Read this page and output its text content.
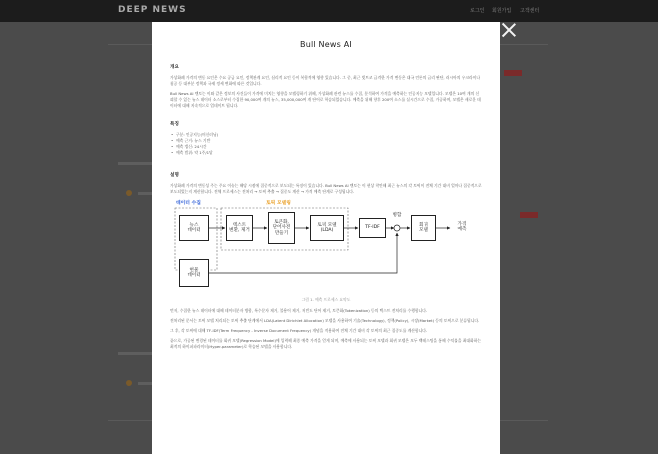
DEEP NEWS	로그인 회원가입 고객센터
Bull News AI
개요

가상화폐 가격의 변동 요인은 수요 공급 요인, 정책관계 요인, 심리적 요인 등이 복합적에 영향 있습니다. 그 중, 최근 빗트코 급격한 가격 변동은 대국 언론의 급리 판단, 러시아의 우크라이나 침공 등 대부분 정책과 국제 정세 변화에 따른 것입니다.

Bull News AI 엔토는 이와 같은 정보의 사건들이 가격에 미치는 영향을 모델링하기 위해, 가상화폐 관련 뉴스를 수집, 분석하여 가격을 예측하는 인공지능 모델입니다. 모델은 10여 개의 신뢰할 수 있는 뉴스 데이터 소스로부터 수집한 90,000여 개의 뉴스, 35,000,000여 개 단어로 학습되었습니다. 예측을 위해 향후 200여 소스를 실시간으로 수집, 가공하며, 모델은 새로운 데이터에 대해 지속적으로 업데이트 됩니다.

특징
• 구분: 인공지능(머신러닝)
• 예측 근거: 뉴스 기반
• 예측 갱신: 24시간
• 예측 범위: 약 1주/1달
설명

가상화폐 가격의 변동성 주는 주요 이슈는 해당 시점에 집중적으로 보도되는 특징이 있습니다. Bull News AI 엔토는 이 현상 착안해 최근 뉴스의 각 토픽이 전체 기간 대비 얼마나 집중적으로 보도되었는지 계산합니다. 전체 프로세스는 전처리 → 토픽 추출 → 집중도 계산 → 가격 예측 단계로 구성됩니다.

데이터 수집	토픽 모델링
뉴스
데이터
텍스트
변환, 제거
토큰화,
단어사전
만들기
토픽 모델
(LDA)
TF-IDF
병합
회귀
모델
가격
예측
현물
데이터
그림 1. 예측 프로세스 요약도

먼저, 수집한 뉴스 데이터에 대해 데이터분자 병합, 특수문자 제거, 불용어 제거, 저빈도 단어 제거, 토큰화(Tokenization) 등의 텍스트 전처리를 수행합니다.

전처리된 문서는 토픽 모델 처리되는 토픽 추출 단계에서 LDA(Latent Dirichlet Allocation) 모델을 사용하여 기술(Technology), 정책(Policy), 시장(Market) 등의 토픽으로 분류됩니다.

그 후, 각 토픽에 대해 TF-IDF(Term Frequency - Inverse Document Frequency) 개념을 적용하여 전체 기간 대비 각 토픽의 최근 집중도를 계산합니다.

끝으로, 가공된 변경된 데이터를 회귀 모델(Regression Model)에 입력해 최종 예측 가격을 얻게 되며, 예측에 사용되는 토픽 모델과 회귀 모델은 모두 백테스팅을 통해 수익률을 최대화하는 최적의 하이퍼파라미터(Hyper-parameter)로 학습된 모델을 사용합니다.
